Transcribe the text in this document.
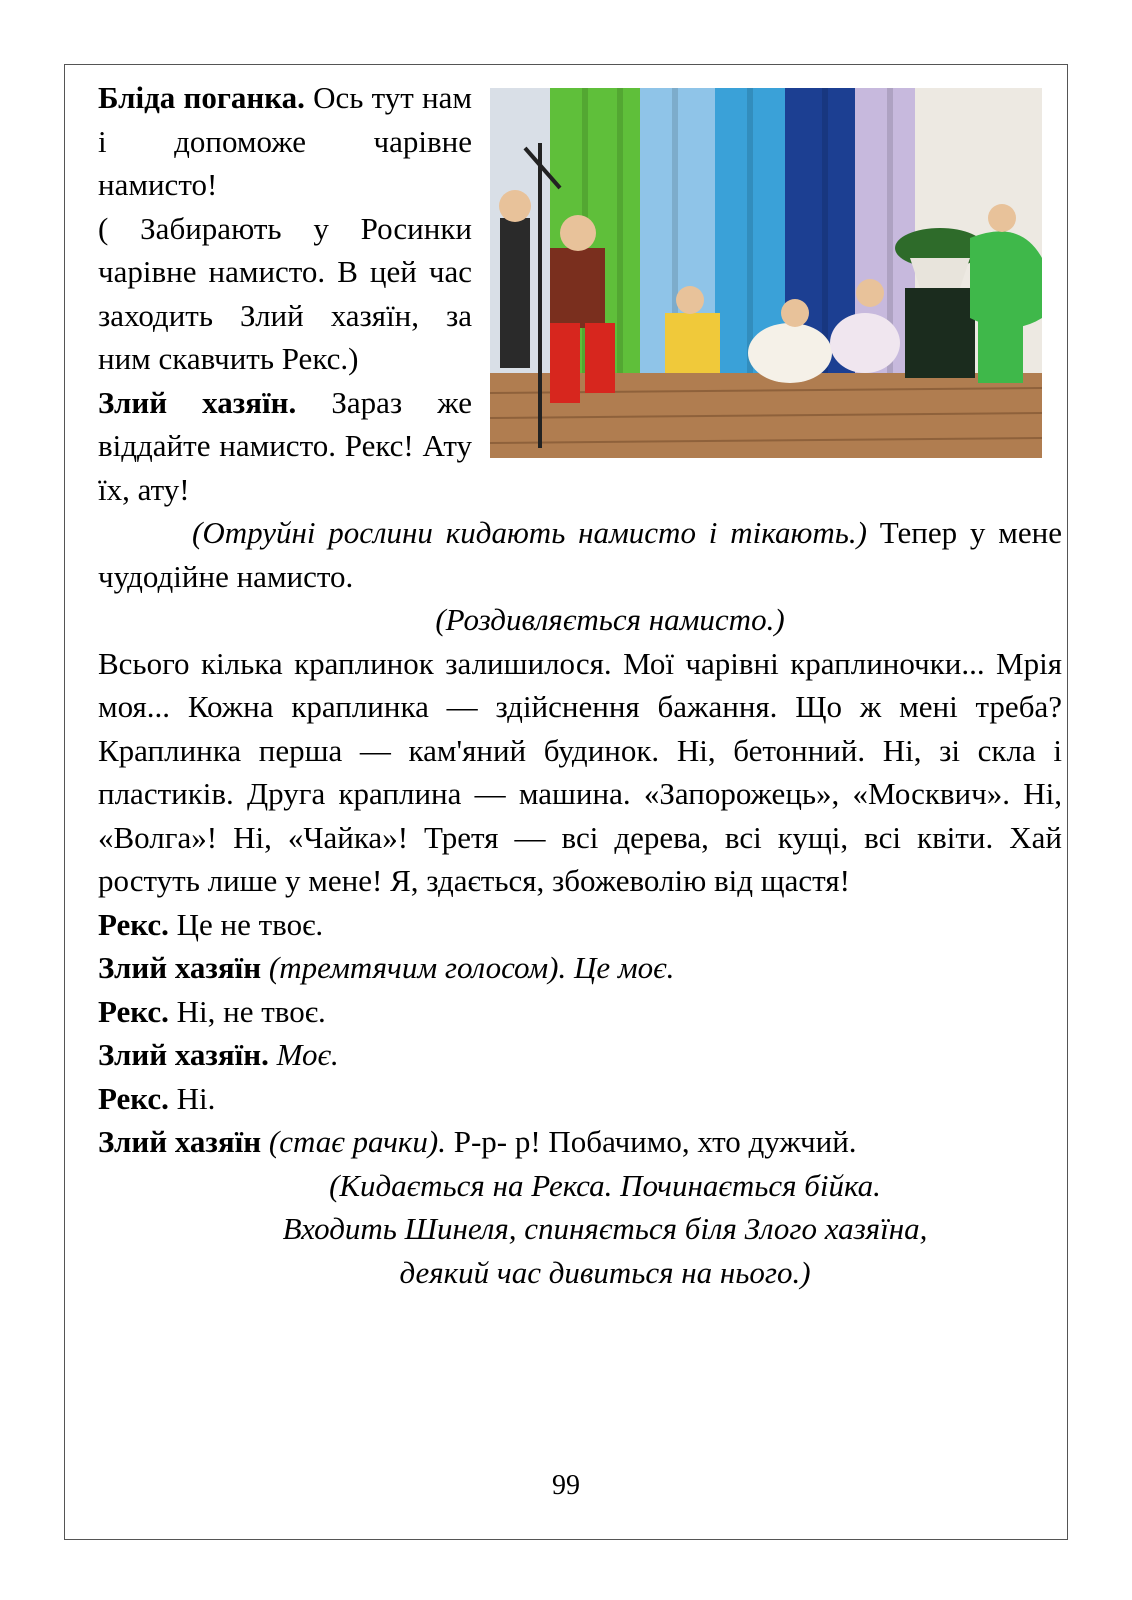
Бліда поганка. Ось тут нам і допоможе чарівне намисто!

( Забирають у Росинки чарівне намисто. В цей час заходить Злий хазяїн, за ним скавчить Рекс.)

Злий хазяїн. Зараз же віддайте намисто. Рекс! Ату їх, ату!

(Отруйні рослини кидають намисто і тікають.) Тепер у мене чудодійне намисто.

(Роздивляється намисто.)

Всього кілька краплинок залишилося. Мої чарівні краплиночки... Мрія моя... Кожна краплинка — здійснення бажання. Що ж мені треба? Краплинка перша — кам'яний будинок. Ні, бетонний. Ні, зі скла і пластиків. Друга краплина — машина. «Запорожець», «Москвич». Ні, «Волга»! Ні, «Чайка»! Третя — всі дерева, всі кущі, всі квіти. Хай ростуть лише у мене! Я, здається, збожеволію від щастя!

Рекс. Це не твоє.

Злий хазяїн (тремтячим голосом). Це моє.

Рекс. Ні, не твоє.

Злий хазяїн. Моє.

Рекс. Ні.

Злий хазяїн (стає рачки). Р-р- р! Побачимо, хто дужчий.

(Кидається на Рекса. Починається бійка.

Входить Шинеля, спиняється біля Злого хазяїна,

деякий час дивиться на нього.)

99
